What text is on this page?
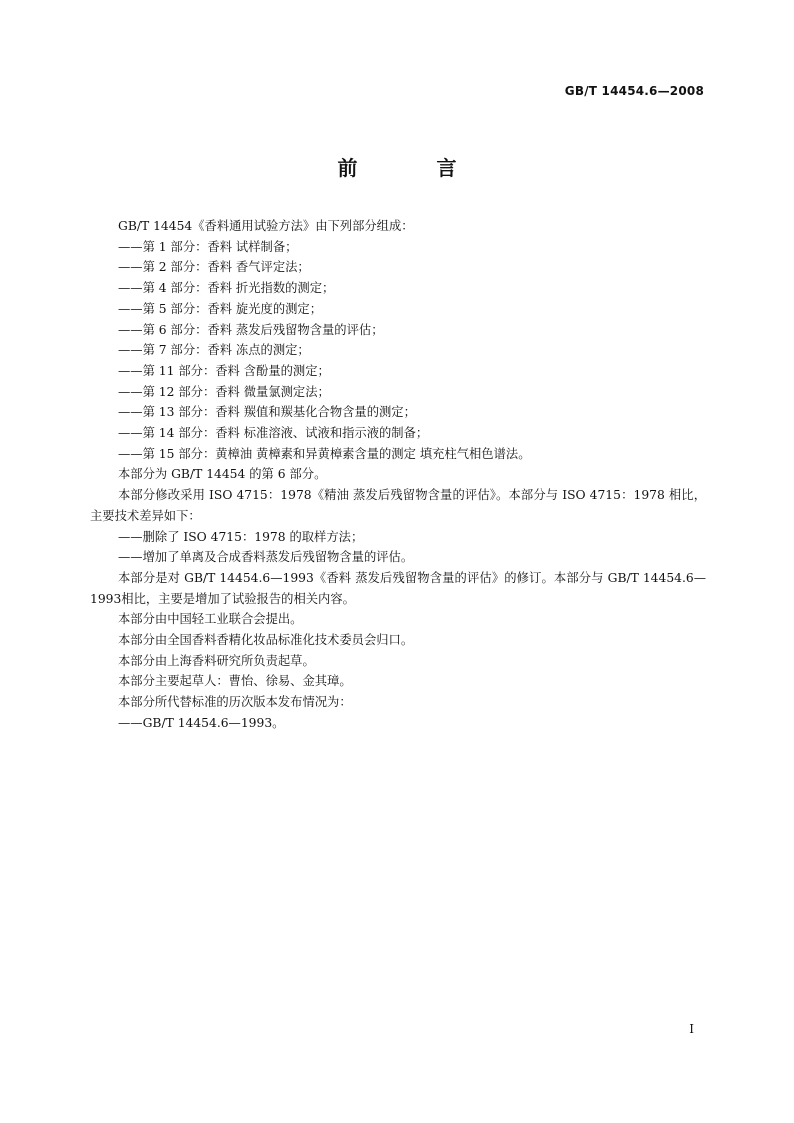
GB/T 14454.6—2008
前 言

GB/T 14454《香料通用试验方法》由下列部分组成：

——第 1 部分：香料 试样制备；

——第 2 部分：香料 香气评定法；

——第 4 部分：香料 折光指数的测定；

——第 5 部分：香料 旋光度的测定；

——第 6 部分：香料 蒸发后残留物含量的评估；

——第 7 部分：香料 冻点的测定；

——第 11 部分：香料 含酚量的测定；

——第 12 部分：香料 微量氯测定法；

——第 13 部分：香料 羰值和羰基化合物含量的测定；

——第 14 部分：香料 标准溶液、试液和指示液的制备；

——第 15 部分：黄樟油 黄樟素和异黄樟素含量的测定 填充柱气相色谱法。

本部分为 GB/T 14454 的第 6 部分。

本部分修改采用 ISO 4715：1978《精油 蒸发后残留物含量的评估》。本部分与 ISO 4715：1978 相比，主要技术差异如下：

——删除了 ISO 4715：1978 的取样方法；

——增加了单离及合成香料蒸发后残留物含量的评估。

本部分是对 GB/T 14454.6—1993《香料 蒸发后残留物含量的评估》的修订。本部分与 GB/T 14454.6—1993相比，主要是增加了试验报告的相关内容。

本部分由中国轻工业联合会提出。

本部分由全国香料香精化妆品标准化技术委员会归口。

本部分由上海香料研究所负责起草。

本部分主要起草人：曹怡、徐易、金其璋。

本部分所代替标准的历次版本发布情况为：

——GB/T 14454.6—1993。

I
